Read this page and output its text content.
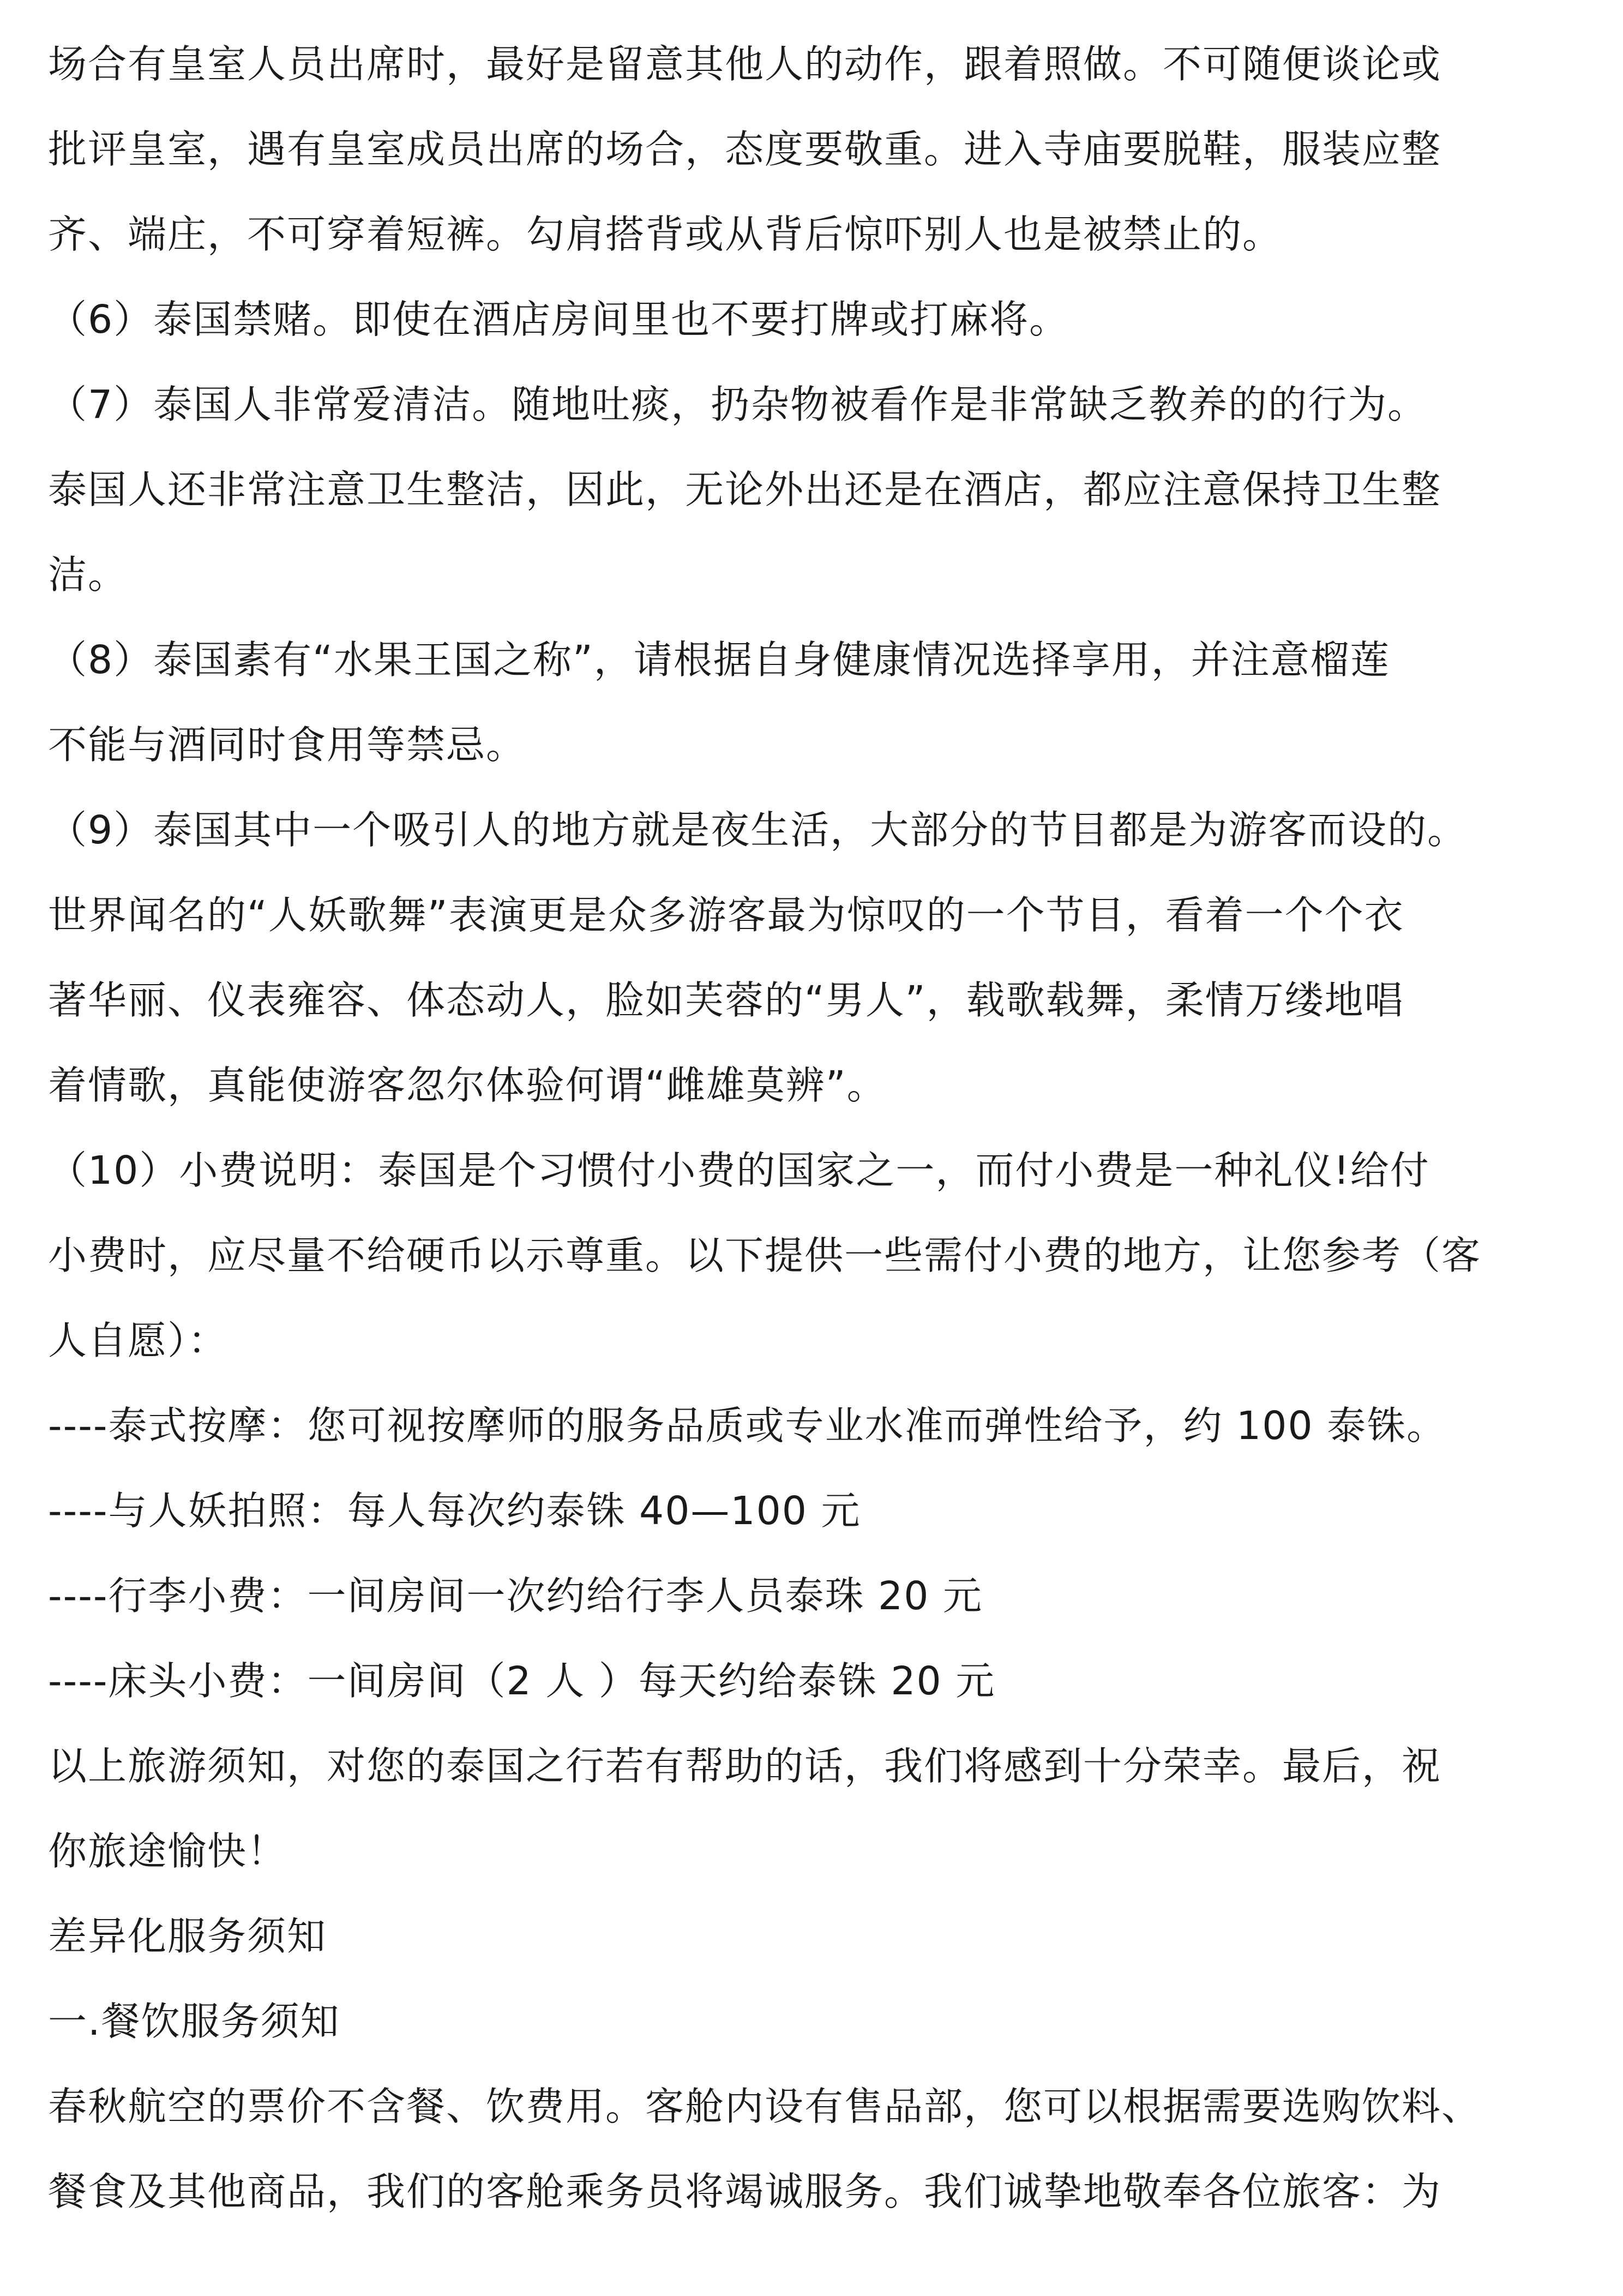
场合有皇室人员出席时，最好是留意其他人的动作，跟着照做。不可随便谈论或
批评皇室，遇有皇室成员出席的场合，态度要敬重。进入寺庙要脱鞋，服装应整
齐、端庄，不可穿着短裤。勾肩搭背或从背后惊吓别人也是被禁止的。
（6）泰国禁赌。即使在酒店房间里也不要打牌或打麻将。
（7）泰国人非常爱清洁。随地吐痰，扔杂物被看作是非常缺乏教养的的行为。
泰国人还非常注意卫生整洁，因此，无论外出还是在酒店，都应注意保持卫生整
洁。
（8）泰国素有“水果王国之称”，请根据自身健康情况选择享用，并注意榴莲
不能与酒同时食用等禁忌。
（9）泰国其中一个吸引人的地方就是夜生活，大部分的节目都是为游客而设的。
世界闻名的“人妖歌舞”表演更是众多游客最为惊叹的一个节目，看着一个个衣
著华丽、仪表雍容、体态动人，脸如芙蓉的“男人”，载歌载舞，柔情万缕地唱
着情歌，真能使游客忽尔体验何谓“雌雄莫辨”。
（10）小费说明：泰国是个习惯付小费的国家之一，而付小费是一种礼仪!给付
小费时，应尽量不给硬币以示尊重。以下提供一些需付小费的地方，让您参考（客
人自愿）：
----泰式按摩：您可视按摩师的服务品质或专业水准而弹性给予，约 100 泰铢。
----与人妖拍照：每人每次约泰铢 40—100 元
----行李小费：一间房间一次约给行李人员泰珠 20 元
----床头小费：一间房间（2 人 ）每天约给泰铢 20 元
以上旅游须知，对您的泰国之行若有帮助的话，我们将感到十分荣幸。最后，祝
你旅途愉快！
差异化服务须知
一.餐饮服务须知
春秋航空的票价不含餐、饮费用。客舱内设有售品部，您可以根据需要选购饮料、
餐食及其他商品，我们的客舱乘务员将竭诚服务。我们诚挚地敬奉各位旅客：为
